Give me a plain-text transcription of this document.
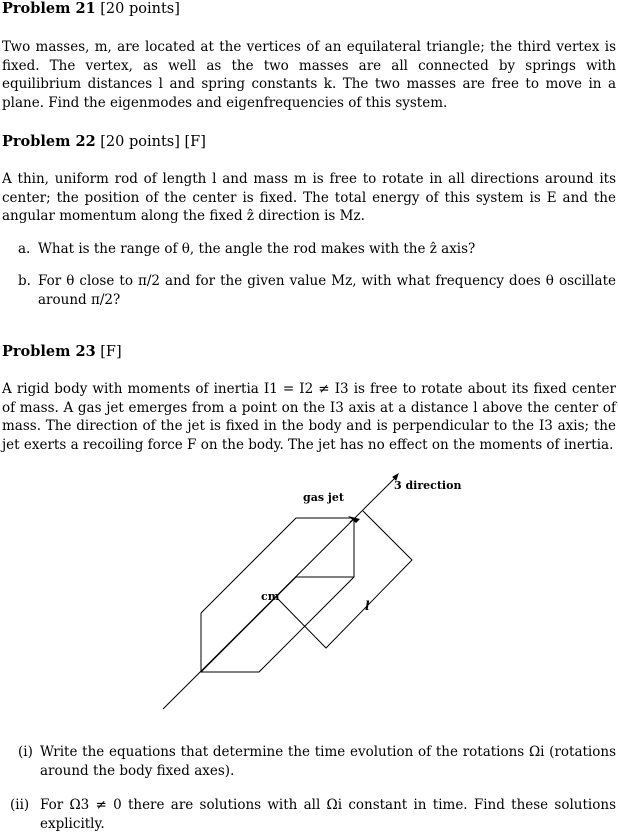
Problem 21 [20 points]
Two masses, m, are located at the vertices of an equilateral triangle; the third vertex is fixed. The vertex, as well as the two masses are all connected by springs with equilibrium distances l and spring constants k. The two masses are free to move in a plane. Find the eigenmodes and eigenfrequencies of this system.
Problem 22 [20 points] [F]
A thin, uniform rod of length l and mass m is free to rotate in all directions around its center; the position of the center is fixed. The total energy of this system is E and the angular momentum along the fixed ẑ direction is Mz.
a. What is the range of θ, the angle the rod makes with the ẑ axis?
b. For θ close to π/2 and for the given value Mz, with what frequency does θ oscillate around π/2?
Problem 23 [F]
A rigid body with moments of inertia I1 = I2 ≠ I3 is free to rotate about its fixed center of mass. A gas jet emerges from a point on the I3 axis at a distance l above the center of mass. The direction of the jet is fixed in the body and is perpendicular to the I3 axis; the jet exerts a recoiling force F on the body. The jet has no effect on the moments of inertia.
gas jet
3 direction
cm
l
(i) Write the equations that determine the time evolution of the rotations Ωi (rotations around the body fixed axes).
(ii) For Ω3 ≠ 0 there are solutions with all Ωi constant in time. Find these solutions explicitly.
